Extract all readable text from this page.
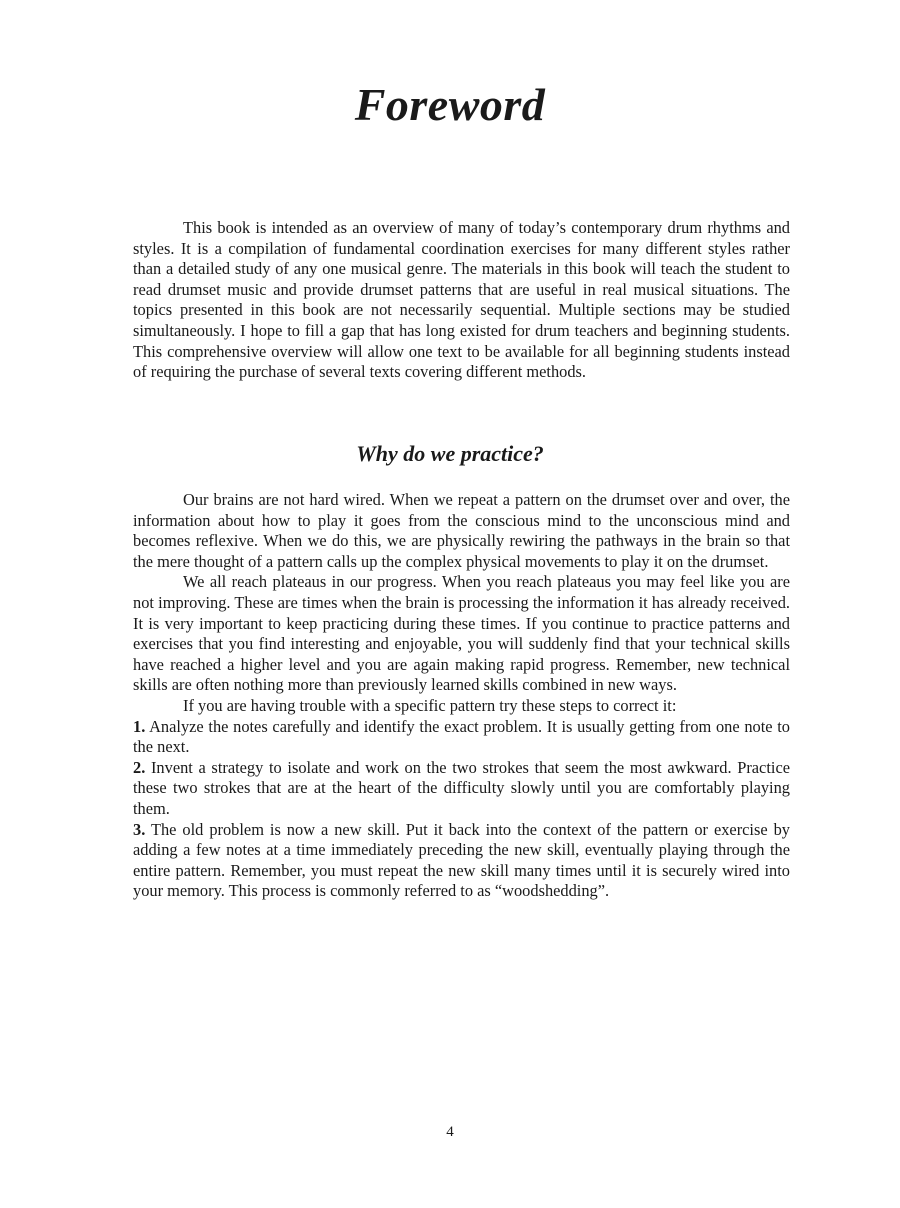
Foreword

This book is intended as an overview of many of today’s contemporary drum rhythms and styles. It is a compilation of fundamental coordination exercises for many different styles rather than a detailed study of any one musical genre. The materials in this book will teach the student to read drumset music and provide drumset patterns that are useful in real musical situations. The topics presented in this book are not necessarily sequential. Multiple sections may be studied simultaneously. I hope to fill a gap that has long existed for drum teachers and beginning students. This comprehensive overview will allow one text to be available for all beginning students instead of requiring the purchase of several texts covering different methods.

Why do we practice?

Our brains are not hard wired. When we repeat a pattern on the drumset over and over, the information about how to play it goes from the conscious mind to the unconscious mind and becomes reflexive. When we do this, we are physically rewiring the pathways in the brain so that the mere thought of a pattern calls up the complex physical movements to play it on the drumset.

We all reach plateaus in our progress. When you reach plateaus you may feel like you are not improving. These are times when the brain is processing the information it has already received. It is very important to keep practicing during these times. If you continue to practice patterns and exercises that you find interesting and enjoyable, you will suddenly find that your technical skills have reached a higher level and you are again making rapid progress. Remember, new technical skills are often nothing more than previously learned skills combined in new ways.

If you are having trouble with a specific pattern try these steps to correct it:

1. Analyze the notes carefully and identify the exact problem. It is usually getting from one note to the next.

2. Invent a strategy to isolate and work on the two strokes that seem the most awkward. Practice these two strokes that are at the heart of the difficulty slowly until you are comfortably playing them.

3. The old problem is now a new skill. Put it back into the context of the pattern or exercise by adding a few notes at a time immediately preceding the new skill, eventually playing through the entire pattern. Remember, you must repeat the new skill many times until it is securely wired into your memory. This process is commonly referred to as “woodshedding”.

4
